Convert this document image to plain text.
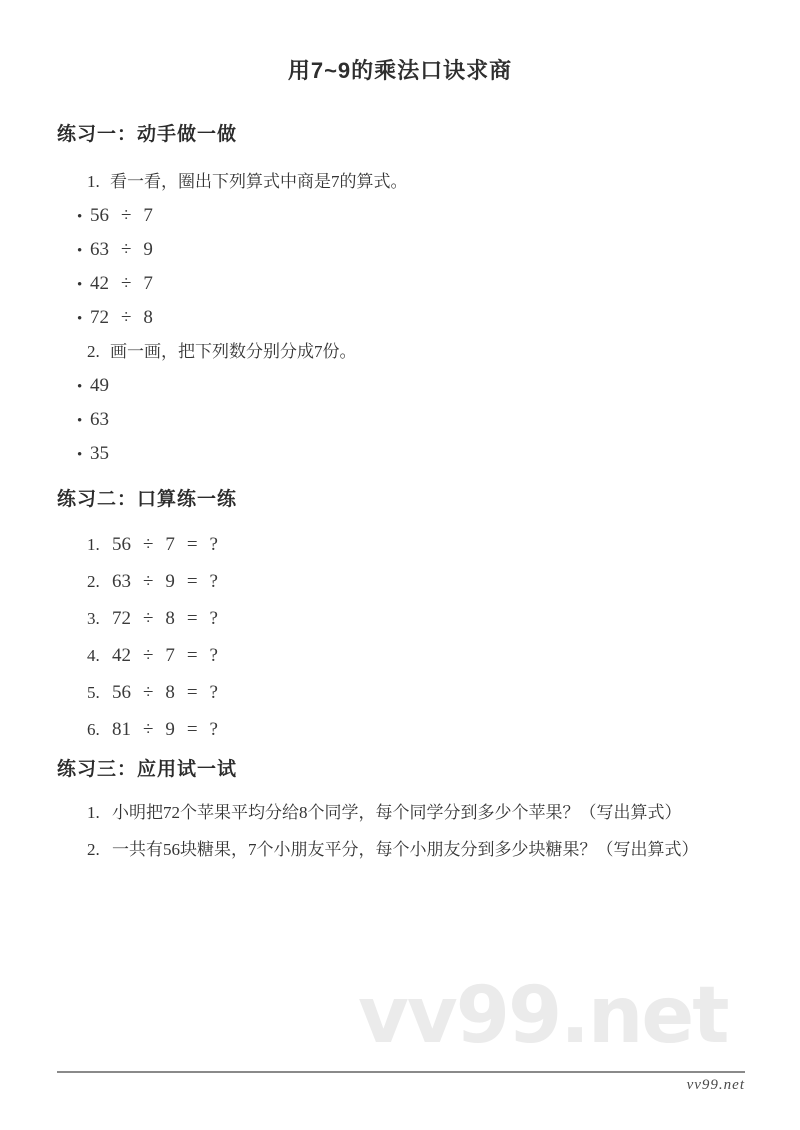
用7~9的乘法口诀求商
练习一：动手做一做

1. 看一看，圈出下列算式中商是7的算式。

• 56 ÷ 7
• 63 ÷ 9
• 42 ÷ 7
• 72 ÷ 8

2. 画一画，把下列数分别分成7份。

• 49
• 63
• 35
练习二：口算练一练
1. 56 ÷ 7 = ?
2. 63 ÷ 9 = ?
3. 72 ÷ 8 = ?
4. 42 ÷ 7 = ?
5. 56 ÷ 8 = ?
6. 81 ÷ 9 = ?
练习三：应用试一试
1. 小明把72个苹果平均分给8个同学，每个同学分到多少个苹果？（写出算式）
2. 一共有56块糖果，7个小朋友平分，每个小朋友分到多少块糖果？（写出算式）
vv99.net
vv99.net
